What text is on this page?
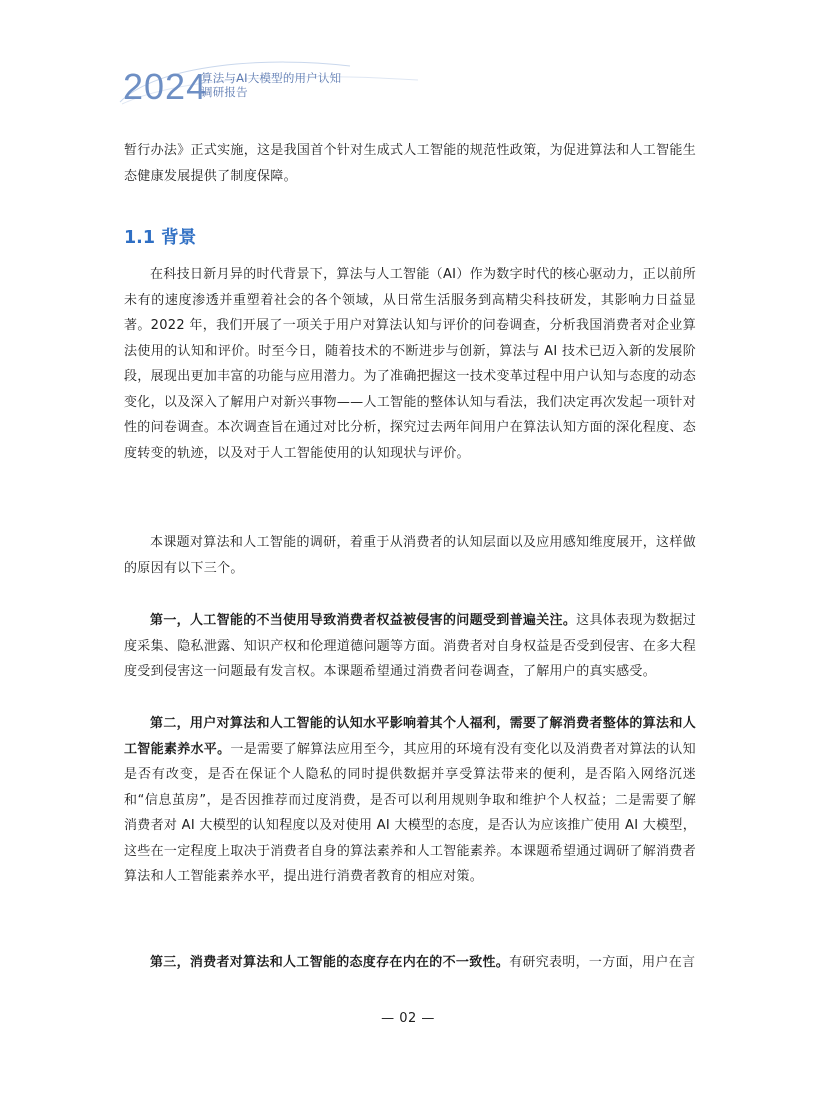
2024
算法与AI大模型的用户认知
调研报告

暂行办法》正式实施，这是我国首个针对生成式人工智能的规范性政策，为促进算法和人工智能生态健康发展提供了制度保障。

1.1 背景

在科技日新月异的时代背景下，算法与人工智能（AI）作为数字时代的核心驱动力，正以前所未有的速度渗透并重塑着社会的各个领域，从日常生活服务到高精尖科技研发，其影响力日益显著。2022 年，我们开展了一项关于用户对算法认知与评价的问卷调查，分析我国消费者对企业算法使用的认知和评价。时至今日，随着技术的不断进步与创新，算法与 AI 技术已迈入新的发展阶段，展现出更加丰富的功能与应用潜力。为了准确把握这一技术变革过程中用户认知与态度的动态变化，以及深入了解用户对新兴事物——人工智能的整体认知与看法，我们决定再次发起一项针对性的问卷调查。本次调查旨在通过对比分析，探究过去两年间用户在算法认知方面的深化程度、态度转变的轨迹，以及对于人工智能使用的认知现状与评价。

本课题对算法和人工智能的调研，着重于从消费者的认知层面以及应用感知维度展开，这样做的原因有以下三个。

第一，人工智能的不当使用导致消费者权益被侵害的问题受到普遍关注。这具体表现为数据过度采集、隐私泄露、知识产权和伦理道德问题等方面。消费者对自身权益是否受到侵害、在多大程度受到侵害这一问题最有发言权。本课题希望通过消费者问卷调查，了解用户的真实感受。

第二，用户对算法和人工智能的认知水平影响着其个人福利，需要了解消费者整体的算法和人工智能素养水平。一是需要了解算法应用至今，其应用的环境有没有变化以及消费者对算法的认知是否有改变，是否在保证个人隐私的同时提供数据并享受算法带来的便利，是否陷入网络沉迷和“信息茧房”，是否因推荐而过度消费，是否可以利用规则争取和维护个人权益；二是需要了解消费者对 AI 大模型的认知程度以及对使用 AI 大模型的态度，是否认为应该推广使用 AI 大模型，这些在一定程度上取决于消费者自身的算法素养和人工智能素养。本课题希望通过调研了解消费者算法和人工智能素养水平，提出进行消费者教育的相应对策。

第三，消费者对算法和人工智能的态度存在内在的不一致性。有研究表明，一方面，用户在言

— 02 —
